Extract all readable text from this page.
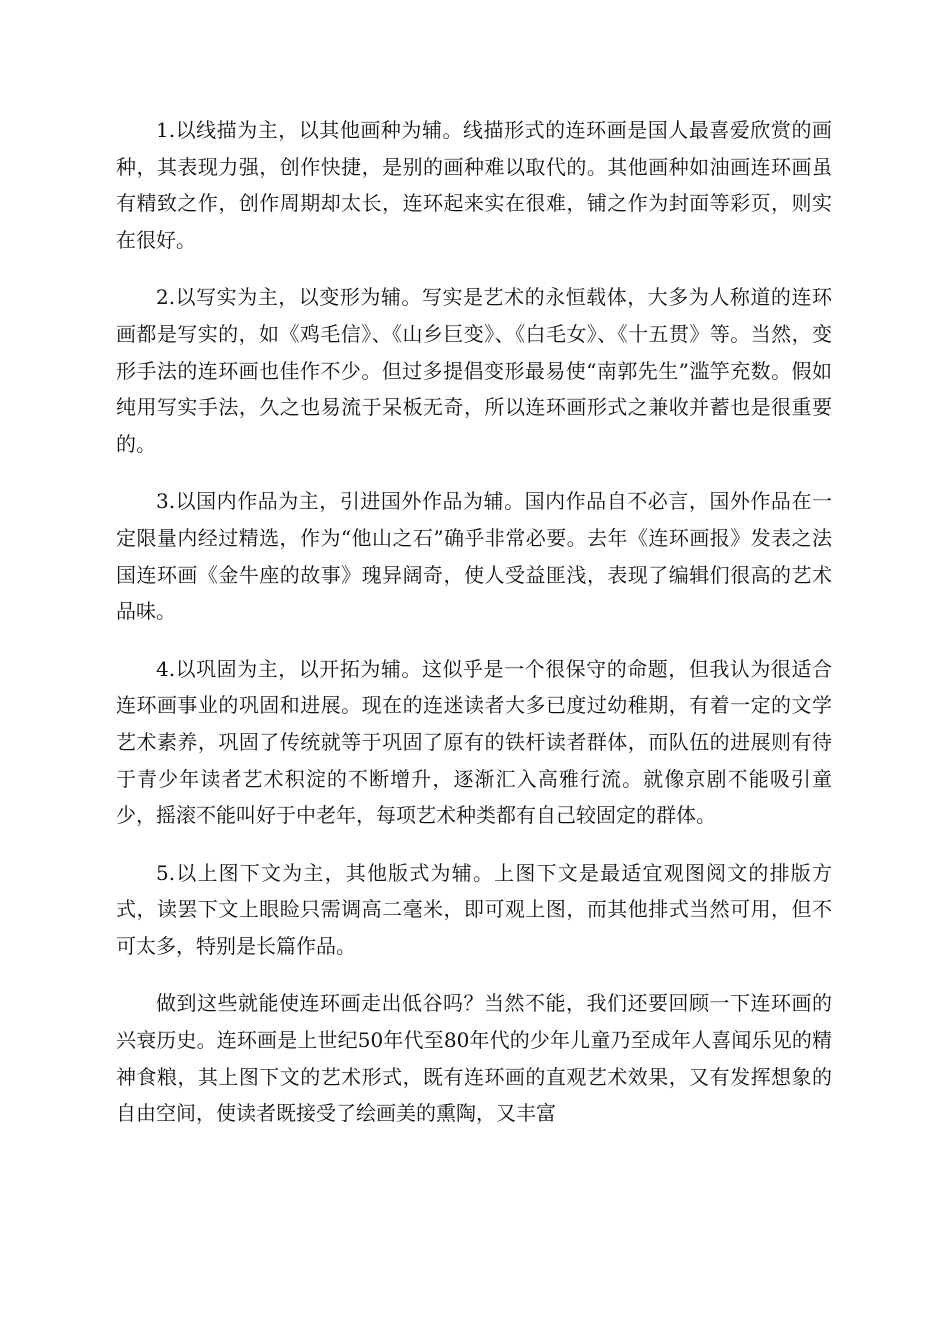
1.以线描为主，以其他画种为辅。线描形式的连环画是国人最喜爱欣赏的画种，其表现力强，创作快捷，是别的画种难以取代的。其他画种如油画连环画虽有精致之作，创作周期却太长，连环起来实在很难，铺之作为封面等彩页，则实在很好。

2.以写实为主，以变形为辅。写实是艺术的永恒载体，大多为人称道的连环画都是写实的，如《鸡毛信》、《山乡巨变》、《白毛女》、《十五贯》等。当然，变形手法的连环画也佳作不少。但过多提倡变形最易使“南郭先生”滥竽充数。假如纯用写实手法，久之也易流于呆板无奇，所以连环画形式之兼收并蓄也是很重要的。

3.以国内作品为主，引进国外作品为辅。国内作品自不必言，国外作品在一定限量内经过精选，作为“他山之石”确乎非常必要。去年《连环画报》发表之法国连环画《金牛座的故事》瑰异阔奇，使人受益匪浅，表现了编辑们很高的艺术品味。

4.以巩固为主，以开拓为辅。这似乎是一个很保守的命题，但我认为很适合连环画事业的巩固和进展。现在的连迷读者大多已度过幼稚期，有着一定的文学艺术素养，巩固了传统就等于巩固了原有的铁杆读者群体，而队伍的进展则有待于青少年读者艺术积淀的不断增升，逐渐汇入高雅行流。就像京剧不能吸引童少，摇滚不能叫好于中老年，每项艺术种类都有自己较固定的群体。

5.以上图下文为主，其他版式为辅。上图下文是最适宜观图阅文的排版方式，读罢下文上眼睑只需调高二毫米，即可观上图，而其他排式当然可用，但不可太多，特别是长篇作品。

做到这些就能使连环画走出低谷吗？当然不能，我们还要回顾一下连环画的兴衰历史。连环画是上世纪50年代至80年代的少年儿童乃至成年人喜闻乐见的精神食粮，其上图下文的艺术形式，既有连环画的直观艺术效果，又有发挥想象的自由空间，使读者既接受了绘画美的熏陶，又丰富
